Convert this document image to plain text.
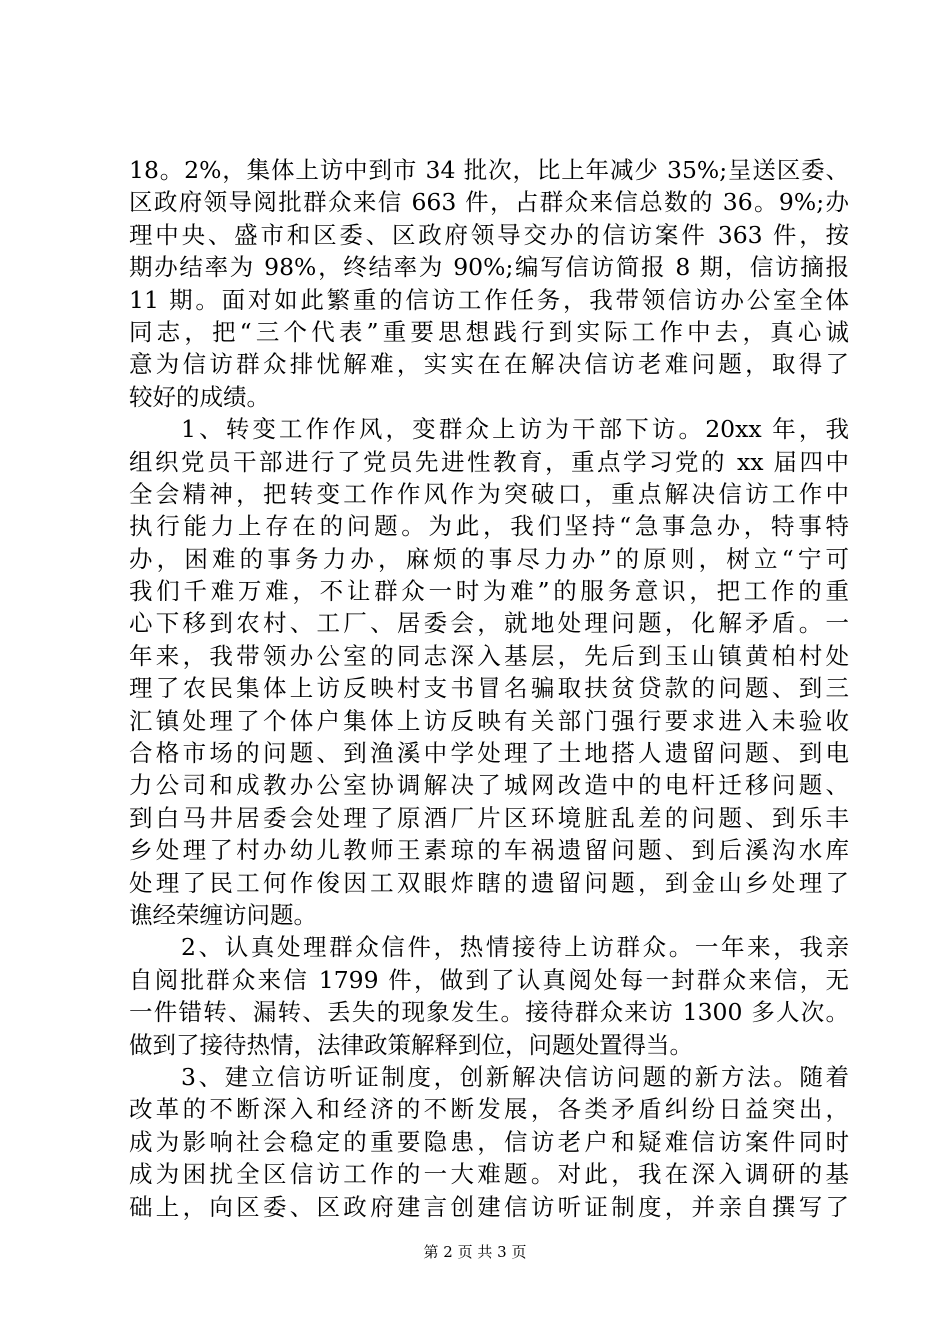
18。2%，集体上访中到市 34 批次，比上年减少 35%;呈送区委、
区政府领导阅批群众来信 663 件，占群众来信总数的 36。9%;办
理中央、盛市和区委、区政府领导交办的信访案件 363 件，按
期办结率为 98%，终结率为 90%;编写信访简报 8 期，信访摘报
11 期。面对如此繁重的信访工作任务，我带领信访办公室全体
同志，把“三个代表”重要思想践行到实际工作中去，真心诚
意为信访群众排忧解难，实实在在解决信访老难问题，取得了
较好的成绩。
1、转变工作作风，变群众上访为干部下访。20xx 年，我
组织党员干部进行了党员先进性教育，重点学习党的 xx 届四中
全会精神，把转变工作作风作为突破口，重点解决信访工作中
执行能力上存在的问题。为此，我们坚持“急事急办，特事特
办，困难的事务力办，麻烦的事尽力办”的原则，树立“宁可
我们千难万难，不让群众一时为难”的服务意识，把工作的重
心下移到农村、工厂、居委会，就地处理问题，化解矛盾。一
年来，我带领办公室的同志深入基层，先后到玉山镇黄柏村处
理了农民集体上访反映村支书冒名骗取扶贫贷款的问题、到三
汇镇处理了个体户集体上访反映有关部门强行要求进入未验收
合格市场的问题、到渔溪中学处理了土地搭人遗留问题、到电
力公司和成教办公室协调解决了城网改造中的电杆迁移问题、
到白马井居委会处理了原酒厂片区环境脏乱差的问题、到乐丰
乡处理了村办幼儿教师王素琼的车祸遗留问题、到后溪沟水库
处理了民工何作俊因工双眼炸瞎的遗留问题，到金山乡处理了
谯经荣缠访问题。
2、认真处理群众信件，热情接待上访群众。一年来，我亲
自阅批群众来信 1799 件，做到了认真阅处每一封群众来信，无
一件错转、漏转、丢失的现象发生。接待群众来访 1300 多人次。
做到了接待热情，法律政策解释到位，问题处置得当。
3、建立信访听证制度，创新解决信访问题的新方法。随着
改革的不断深入和经济的不断发展，各类矛盾纠纷日益突出，
成为影响社会稳定的重要隐患，信访老户和疑难信访案件同时
成为困扰全区信访工作的一大难题。对此，我在深入调研的基
础上，向区委、区政府建言创建信访听证制度，并亲自撰写了
第 2 页 共 3 页
